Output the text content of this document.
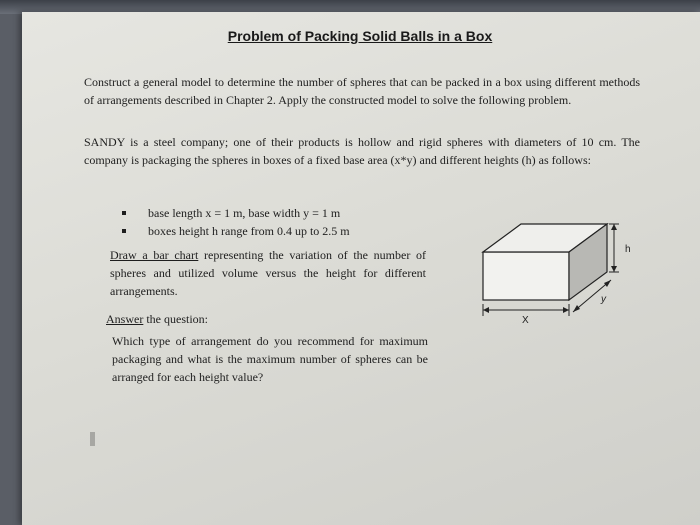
Problem of Packing Solid Balls in a Box
Construct a general model to determine the number of spheres that can be packed in a box using different methods of arrangements described in Chapter 2. Apply the constructed model to solve the following problem.
SANDY is a steel company; one of their products is hollow and rigid spheres with diameters of 10 cm. The company is packaging the spheres in boxes of a fixed base area (x*y) and different heights (h) as follows:
base length x = 1 m, base width y = 1 m
boxes height h range from 0.4 up to 2.5 m
Draw a bar chart representing the variation of the number of spheres and utilized volume versus the height for different arrangements.
Answer the question:
Which type of arrangement do you recommend for maximum packaging and what is the maximum number of spheres can be arranged for each height value?
h
X
y
